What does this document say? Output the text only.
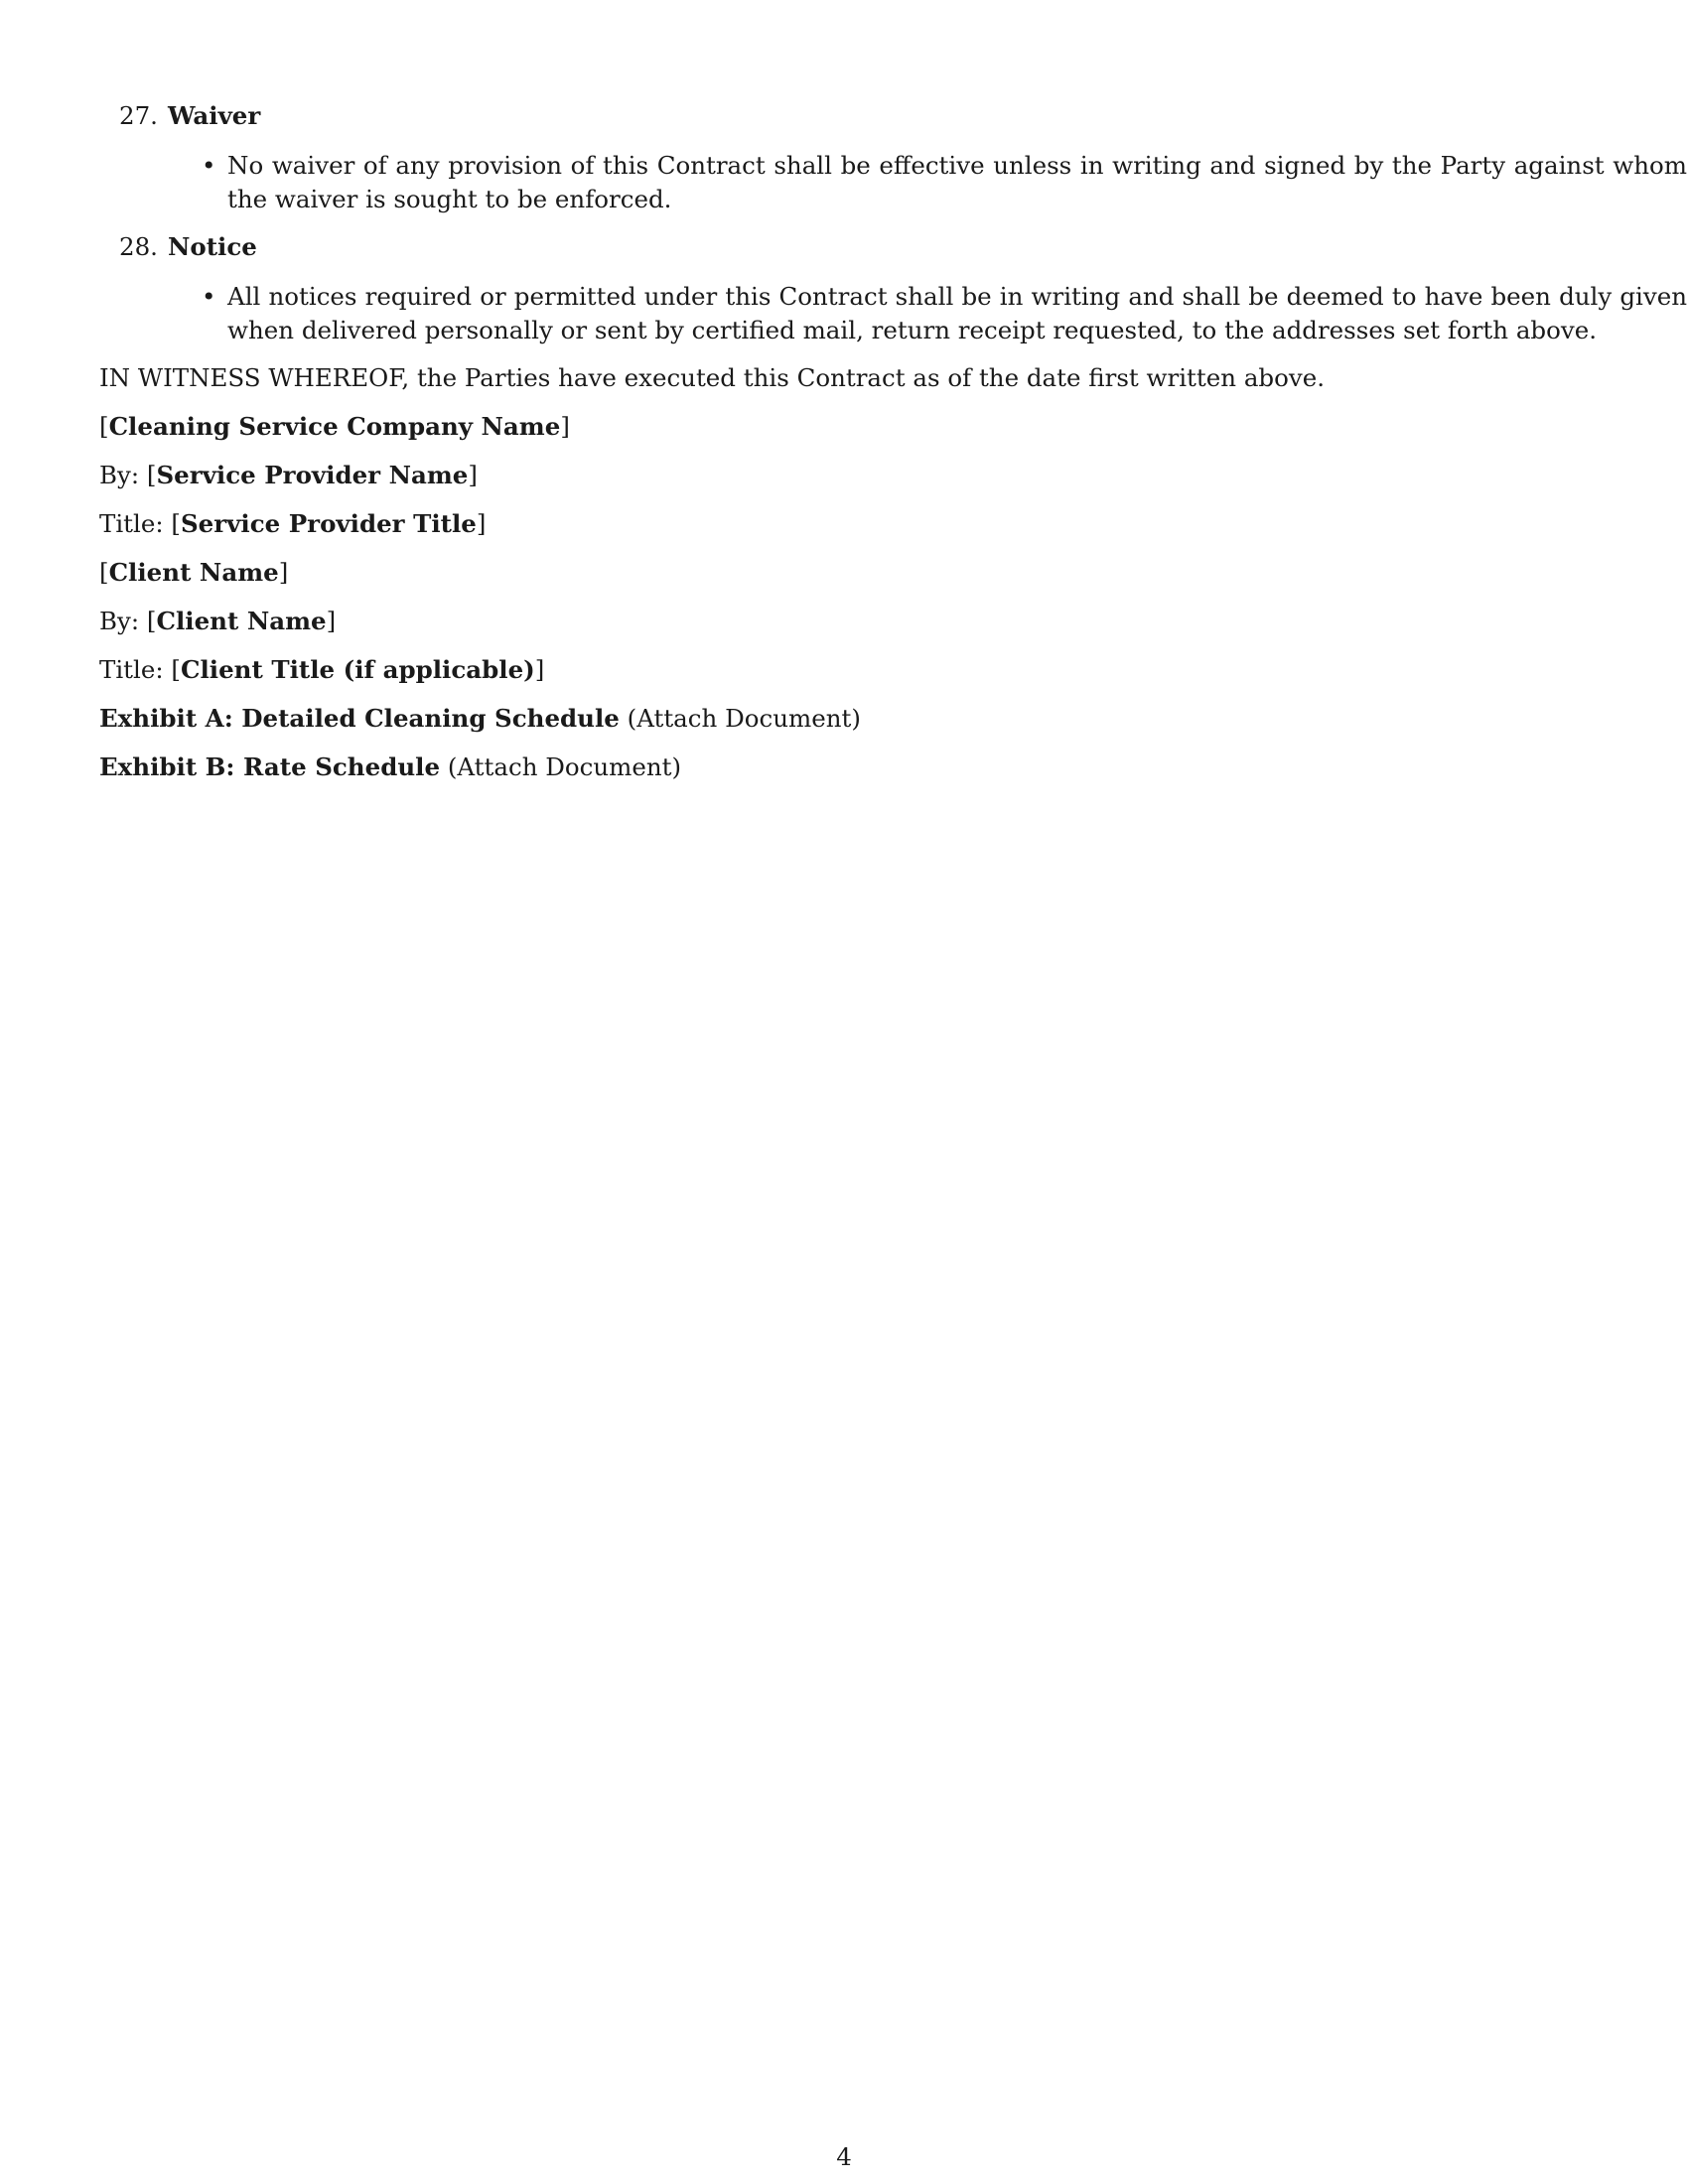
27. Waiver
• No waiver of any provision of this Contract shall be effective unless in writing and signed by the Party against whom the waiver is sought to be enforced.
28. Notice
• All notices required or permitted under this Contract shall be in writing and shall be deemed to have been duly given when delivered personally or sent by certified mail, return receipt requested, to the addresses set forth above.
IN WITNESS WHEREOF, the Parties have executed this Contract as of the date first written above.
[Cleaning Service Company Name]
By: [Service Provider Name]
Title: [Service Provider Title]
[Client Name]
By: [Client Name]
Title: [Client Title (if applicable)]
Exhibit A: Detailed Cleaning Schedule (Attach Document)
Exhibit B: Rate Schedule (Attach Document)
4
